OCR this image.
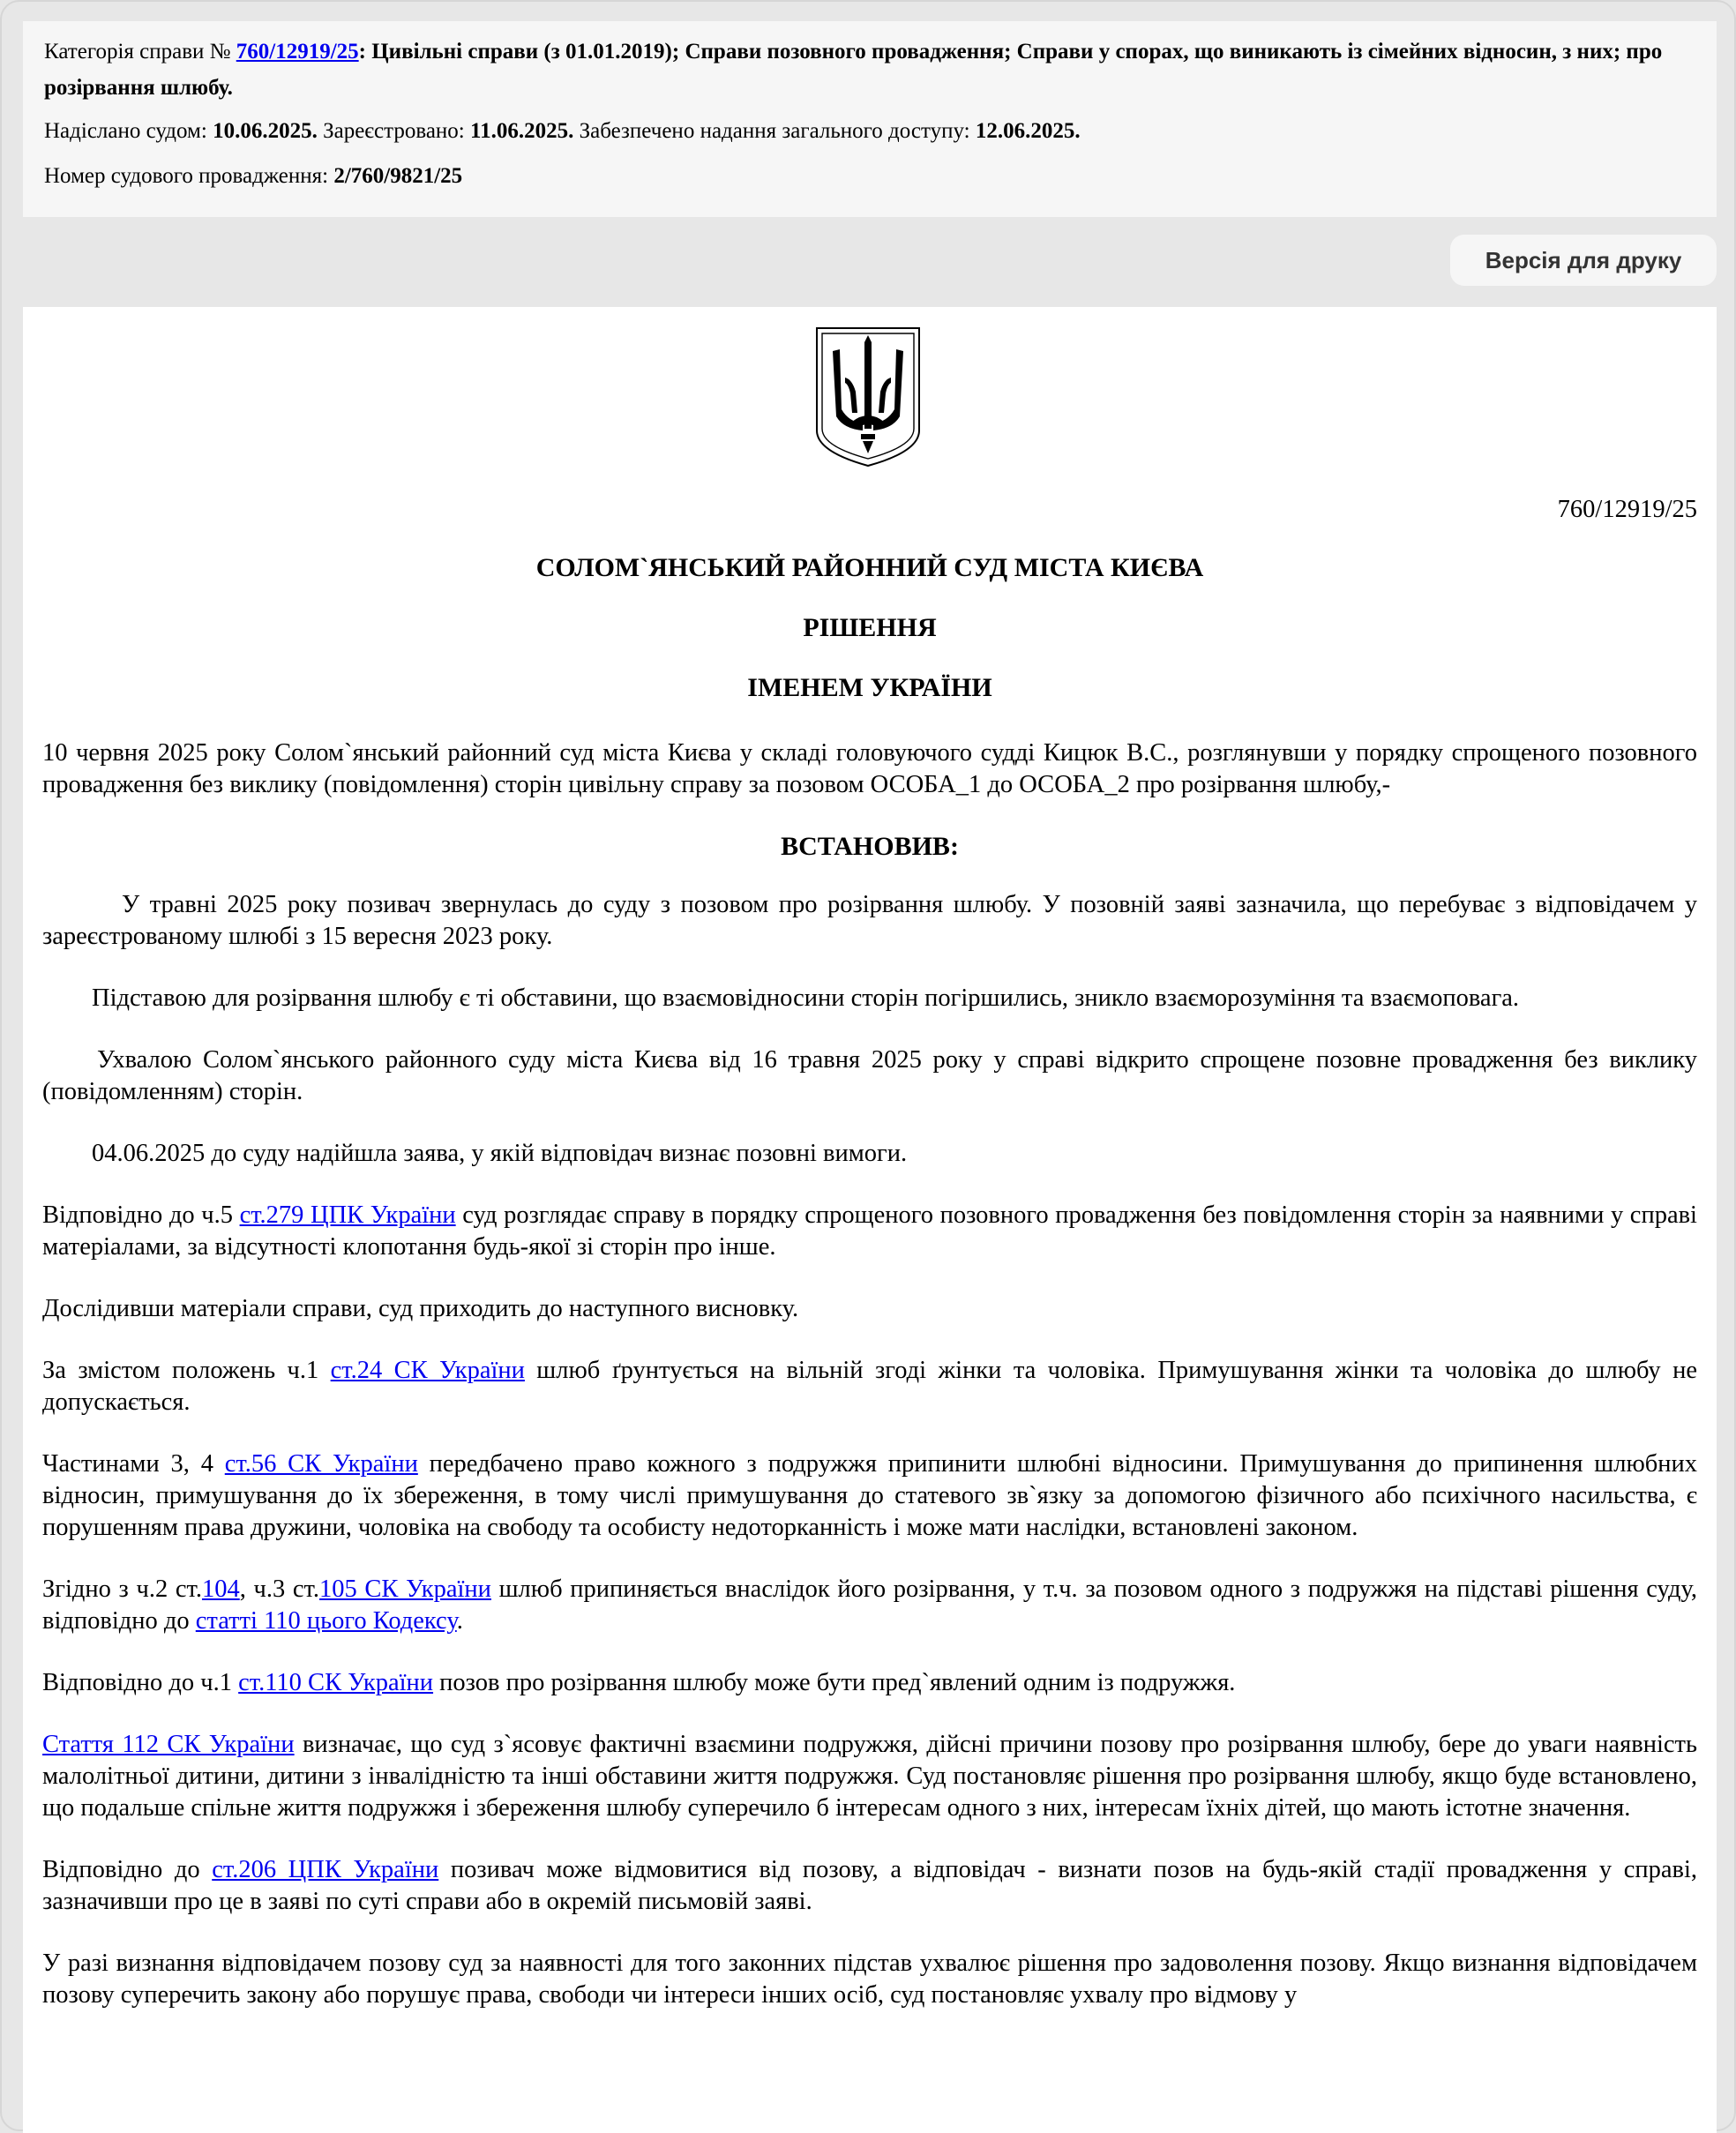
Категорія справи № 760/12919/25: Цивільні справи (з 01.01.2019); Справи позовного провадження; Справи у спорах, що виникають із сімейних відносин, з них; про розірвання шлюбу.

Надіслано судом: 10.06.2025. Зареєстровано: 11.06.2025. Забезпечено надання загального доступу: 12.06.2025.

Номер судового провадження: 2/760/9821/25

Версія для друку
760/12919/25
СОЛОМ`ЯНСЬКИЙ РАЙОННИЙ СУД МІСТА КИЄВА
РІШЕННЯ
ІМЕНЕМ УКРАЇНИ

10 червня 2025 року Солом`янський районний суд міста Києва у складі головуючого судді Кицюк В.С., розглянувши у порядку спрощеного позовного провадження без виклику (повідомлення) сторін цивільну справу за позовом ОСОБА_1 до ОСОБА_2 про розірвання шлюбу,-

ВСТАНОВИВ:

У травні 2025 року позивач звернулась до суду з позовом про розірвання шлюбу. У позовній заяві зазначила, що перебуває з відповідачем у зареєстрованому шлюбі з 15 вересня 2023 року.

Підставою для розірвання шлюбу є ті обставини, що взаємовідносини сторін погіршились, зникло взаєморозуміння та взаємоповага.

Ухвалою Солом`янського районного суду міста Києва від 16 травня 2025 року у справі відкрито спрощене позовне провадження без виклику (повідомленням) сторін.

04.06.2025 до суду надійшла заява, у якій відповідач визнає позовні вимоги.

Відповідно до ч.5 ст.279 ЦПК України суд розглядає справу в порядку спрощеного позовного провадження без повідомлення сторін за наявними у справі матеріалами, за відсутності клопотання будь-якої зі сторін про інше.

Дослідивши матеріали справи, суд приходить до наступного висновку.

За змістом положень ч.1 ст.24 СК України шлюб ґрунтується на вільній згоді жінки та чоловіка. Примушування жінки та чоловіка до шлюбу не допускається.

Частинами 3, 4 ст.56 СК України передбачено право кожного з подружжя припинити шлюбні відносини. Примушування до припинення шлюбних відносин, примушування до їх збереження, в тому числі примушування до статевого зв`язку за допомогою фізичного або психічного насильства, є порушенням права дружини, чоловіка на свободу та особисту недоторканність і може мати наслідки, встановлені законом.

Згідно з ч.2 ст.104, ч.3 ст.105 СК України шлюб припиняється внаслідок його розірвання, у т.ч. за позовом одного з подружжя на підставі рішення суду, відповідно до статті 110 цього Кодексу.

Відповідно до ч.1 ст.110 СК України позов про розірвання шлюбу може бути пред`явлений одним із подружжя.

Стаття 112 СК України визначає, що суд з`ясовує фактичні взаємини подружжя, дійсні причини позову про розірвання шлюбу, бере до уваги наявність малолітньої дитини, дитини з інвалідністю та інші обставини життя подружжя. Суд постановляє рішення про розірвання шлюбу, якщо буде встановлено, що подальше спільне життя подружжя і збереження шлюбу суперечило б інтересам одного з них, інтересам їхніх дітей, що мають істотне значення.

Відповідно до ст.206 ЦПК України позивач може відмовитися від позову, а відповідач - визнати позов на будь-якій стадії провадження у справі, зазначивши про це в заяві по суті справи або в окремій письмовій заяві.

У разі визнання відповідачем позову суд за наявності для того законних підстав ухвалює рішення про задоволення позову. Якщо визнання відповідачем позову суперечить закону або порушує права, свободи чи інтереси інших осіб, суд постановляє ухвалу про відмову у
